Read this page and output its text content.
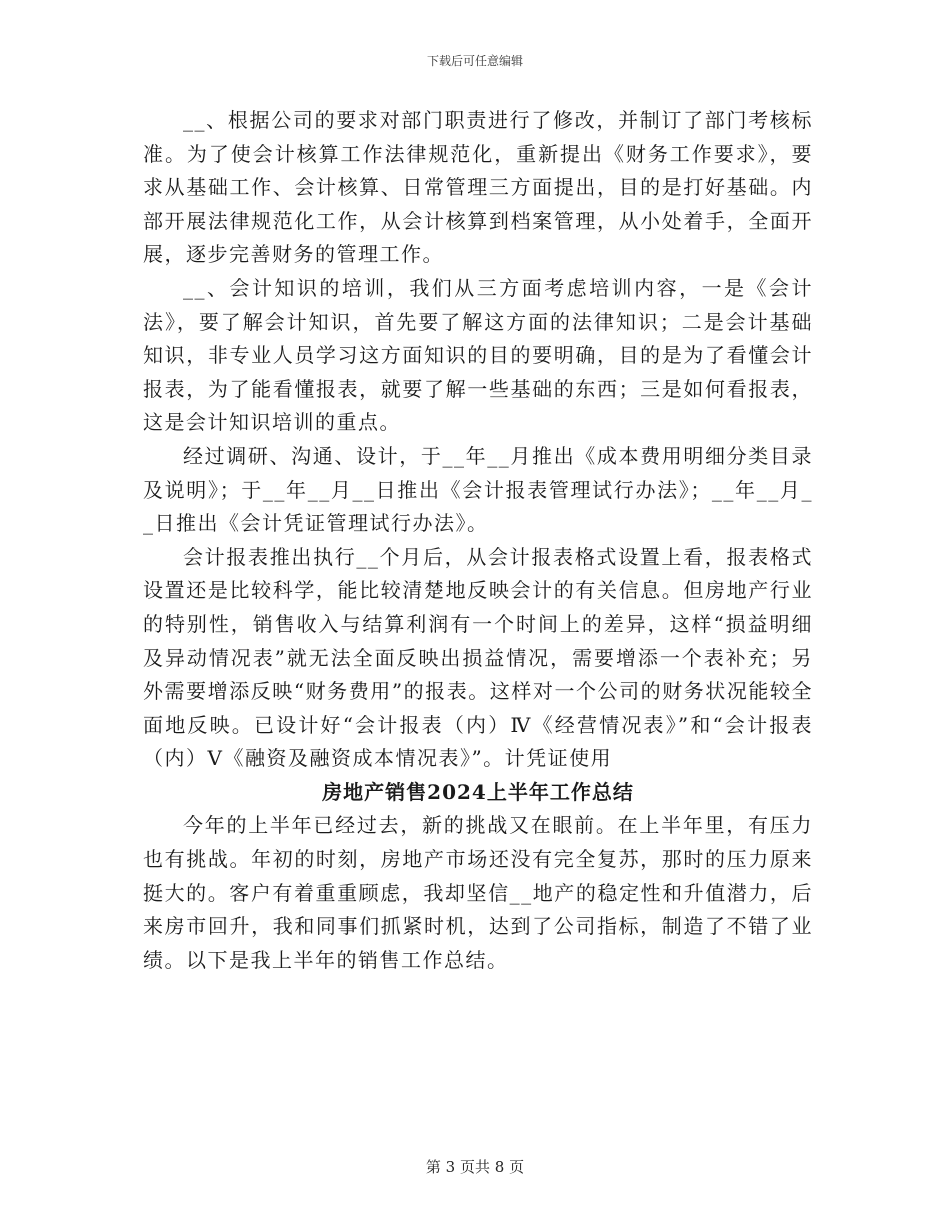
下载后可任意编辑

__、根据公司的要求对部门职责进行了修改，并制订了部门考核标准。为了使会计核算工作法律规范化，重新提出《财务工作要求》，要求从基础工作、会计核算、日常管理三方面提出，目的是打好基础。内部开展法律规范化工作，从会计核算到档案管理，从小处着手，全面开展，逐步完善财务的管理工作。

__、会计知识的培训，我们从三方面考虑培训内容，一是《会计法》，要了解会计知识，首先要了解这方面的法律知识；二是会计基础知识，非专业人员学习这方面知识的目的要明确，目的是为了看懂会计报表，为了能看懂报表，就要了解一些基础的东西；三是如何看报表，这是会计知识培训的重点。

经过调研、沟通、设计，于__年__月推出《成本费用明细分类目录及说明》；于__年__月__日推出《会计报表管理试行办法》；__年__月__日推出《会计凭证管理试行办法》。

会计报表推出执行__个月后，从会计报表格式设置上看，报表格式设置还是比较科学，能比较清楚地反映会计的有关信息。但房地产行业的特别性，销售收入与结算利润有一个时间上的差异，这样“损益明细及异动情况表”就无法全面反映出损益情况，需要增添一个表补充；另外需要增添反映“财务费用”的报表。这样对一个公司的财务状况能较全面地反映。已设计好“会计报表（内）Ⅳ《经营情况表》”和“会计报表（内）Ⅴ《融资及融资成本情况表》”。计凭证使用

房地产销售2024上半年工作总结

今年的上半年已经过去，新的挑战又在眼前。在上半年里，有压力也有挑战。年初的时刻，房地产市场还没有完全复苏，那时的压力原来挺大的。客户有着重重顾虑，我却坚信__地产的稳定性和升值潜力，后来房市回升，我和同事们抓紧时机，达到了公司指标，制造了不错了业绩。以下是我上半年的销售工作总结。

第 3 页共 8 页
